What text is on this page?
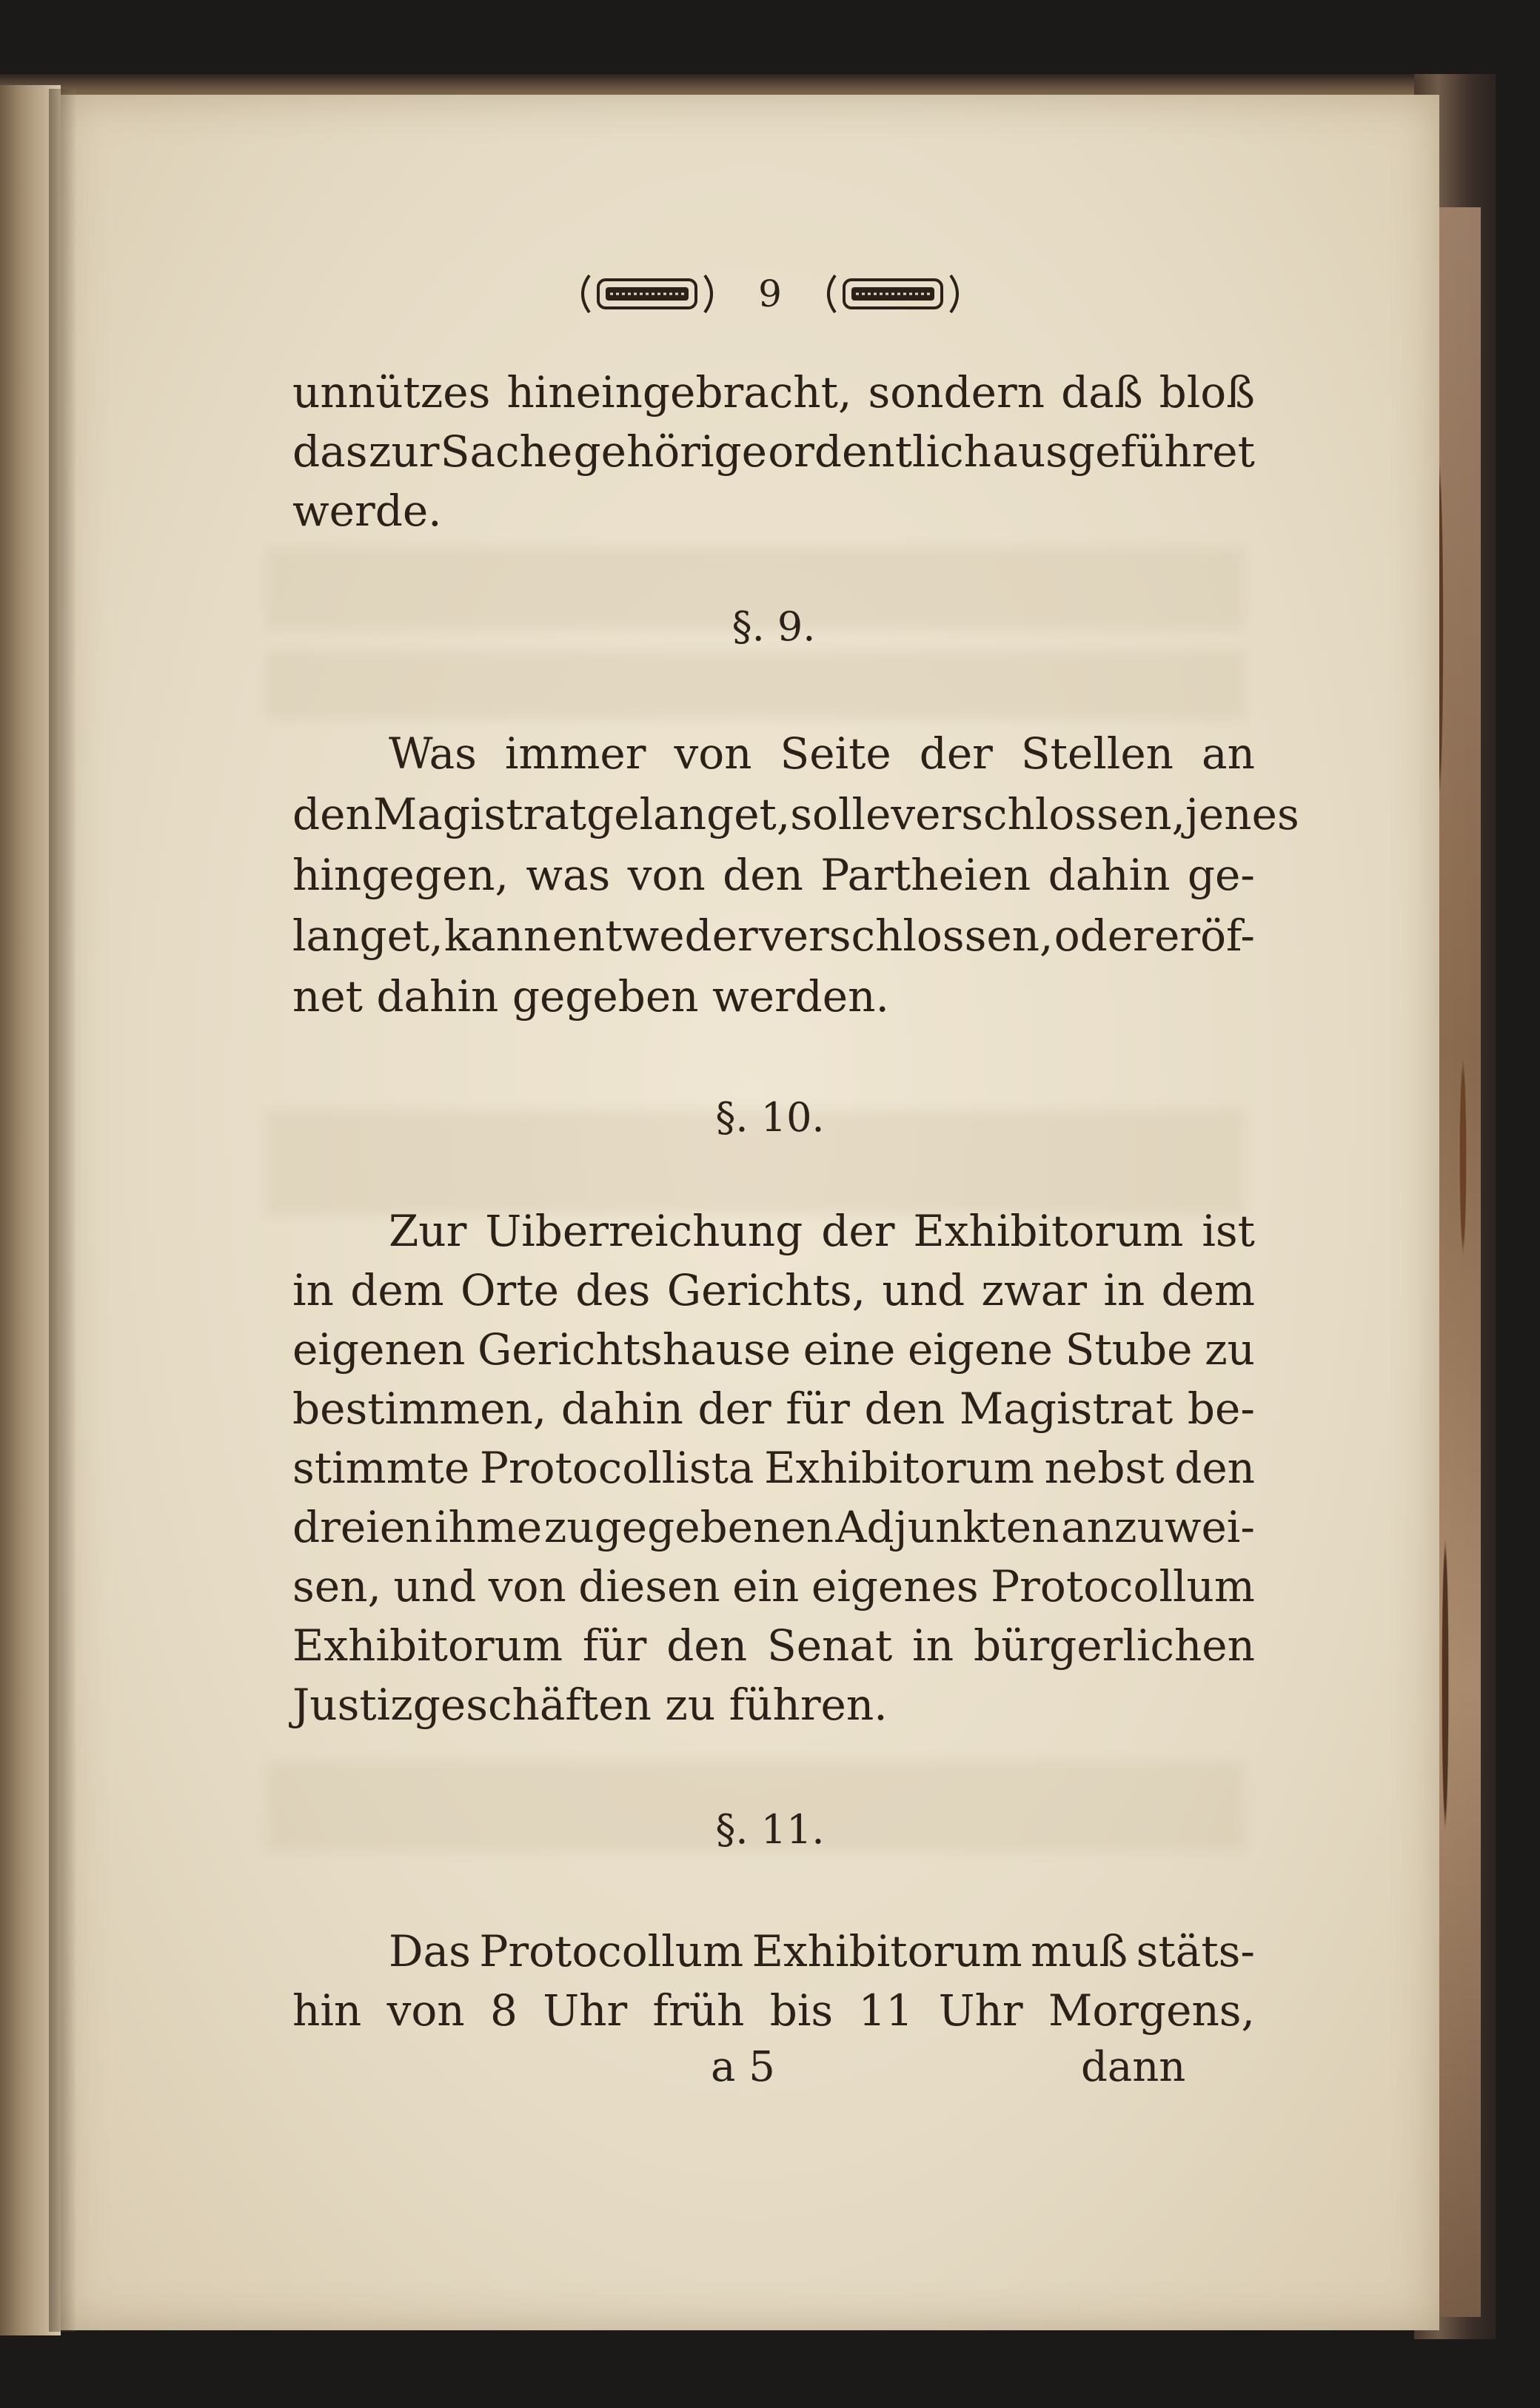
9
unnützes hineingebracht, sondern daß bloß
das zur Sache gehörige ordentlich ausgeführet
werde.
§. 9.
Was immer von Seite der Stellen an
den Magistrat gelanget, solle verschlossen, jenes
hingegen, was von den Partheien dahin ge-
langet, kann entweder verschlossen, oder eröf-
net dahin gegeben werden.
§. 10.
Zur Uiberreichung der Exhibitorum ist
in dem Orte des Gerichts, und zwar in dem
eigenen Gerichtshause eine eigene Stube zu
bestimmen, dahin der für den Magistrat be-
stimmte Protocollista Exhibitorum nebst den
dreien ihme zugegebenen Adjunkten anzuwei-
sen, und von diesen ein eigenes Protocollum
Exhibitorum für den Senat in bürgerlichen
Justizgeschäften zu führen.
§. 11.
Das Protocollum Exhibitorum muß stäts-
hin von 8 Uhr früh bis 11 Uhr Morgens,
a 5	dann
